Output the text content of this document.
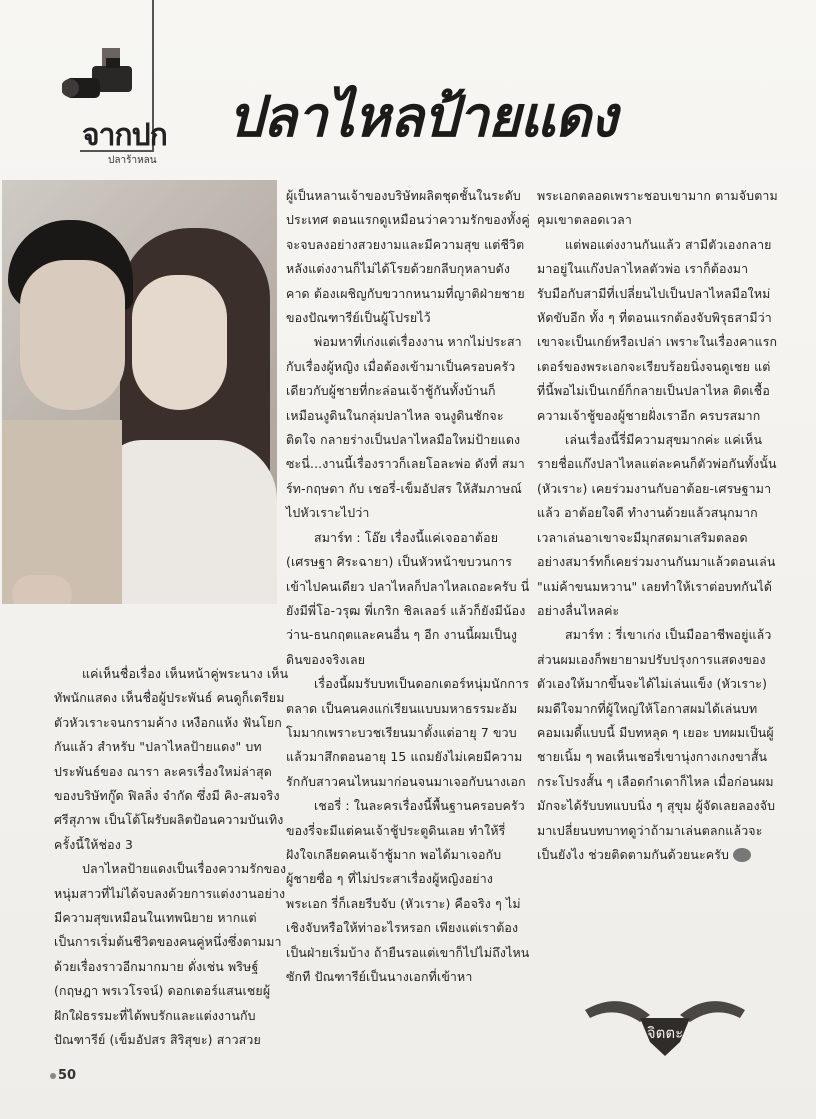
จากปก
ปลาร้าหลน
ปลาไหลป้ายแดง

แค่เห็นชื่อเรื่อง เห็นหน้าคู่พระนาง เห็นทัพนักแสดง เห็นชื่อผู้ประพันธ์ คนดูก็เตรียมตัวหัวเราะจนกรามค้าง เหงือกแห้ง ฟันโยกกันแล้ว สำหรับ "ปลาไหลป้ายแดง" บทประพันธ์ของ ณารา ละครเรื่องใหม่ล่าสุดของบริษัทกู๊ด ฟิลลิ่ง จำกัด ซึ่งมี คิง-สมจริง ศรีสุภาพ เป็นโต้โผรับผลิตป้อนความบันเทิงครั้งนี้ให้ช่อง 3

ปลาไหลป้ายแดงเป็นเรื่องความรักของหนุ่มสาวที่ไม่ได้จบลงด้วยการแต่งงานอย่างมีความสุขเหมือนในเทพนิยาย หากแต่เป็นการเริ่มต้นชีวิตของคนคู่หนึ่งซึ่งตามมาด้วยเรื่องราวอีกมากมาย ดั่งเช่น พริษฐ์ (กฤษฎา พรเวโรจน์) ดอกเตอร์แสนเชยผู้ฝักใฝ่ธรรมะที่ได้พบรักและแต่งงานกับ ปัณฑารีย์ (เข็มอัปสร สิริสุขะ) สาวสวย

ผู้เป็นหลานเจ้าของบริษัทผลิตชุดชั้นในระดับประเทศ ตอนแรกดูเหมือนว่าความรักของทั้งคู่จะจบลงอย่างสวยงามและมีความสุข แต่ชีวิตหลังแต่งงานก็ไม่ได้โรยด้วยกลีบกุหลาบดังคาด ต้องเผชิญกับขวากหนามที่ญาติฝ่ายชายของปัณฑารีย์เป็นผู้โปรยไว้

พ่อมหาที่เก่งแต่เรื่องงาน หากไม่ประสากับเรื่องผู้หญิง เมื่อต้องเข้ามาเป็นครอบครัวเดียวกับผู้ชายที่กะล่อนเจ้าชู้กันทั้งบ้านก็เหมือนงูดินในกลุ่มปลาไหล จนงูดินชักจะติดใจ กลายร่างเป็นปลาไหลมือใหม่ป้ายแดงซะนี่...งานนี้เรื่องราวก็เลยโอละพ่อ ดังที่ สมาร์ท-กฤษดา กับ เชอรี่-เข็มอัปสร ให้สัมภาษณ์ไปหัวเราะไปว่า

สมาร์ท : โอ๊ย เรื่องนี้แค่เจออาต้อย (เศรษฐา ศิระฉายา) เป็นหัวหน้าขบวนการเข้าไปคนเดียว ปลาไหลก็ปลาไหลเถอะครับ นี่ยังมีพี่โอ-วรุฒ พี่เกริก ชิลเลอร์ แล้วก็ยังมีน้องว่าน-ธนกฤตและคนอื่น ๆ อีก งานนี้ผมเป็นงูดินของจริงเลย

เรื่องนี้ผมรับบทเป็นดอกเตอร์หนุ่มนักการตลาด เป็นคนคงแก่เรียนแบบมหาธรรมะอัมโมมากเพราะบวชเรียนมาตั้งแต่อายุ 7 ขวบแล้วมาสึกตอนอายุ 15 แถมยังไม่เคยมีความรักกับสาวคนไหนมาก่อนจนมาเจอกับนางเอก

เชอรี่ : ในละครเรื่องนี้พื้นฐานครอบครัวของรี่จะมีแต่คนเจ้าชู้ประตูดินเลย ทำให้รี่ฝังใจเกลียดคนเจ้าชู้มาก พอได้มาเจอกับผู้ชายซื่อ ๆ ที่ไม่ประสาเรื่องผู้หญิงอย่างพระเอก รี่ก็เลยรีบจับ (หัวเราะ) คือจริง ๆ ไม่เชิงจับหรือให้ท่าอะไรหรอก เพียงแต่เราต้องเป็นฝ่ายเริ่มบ้าง ถ้ายืนรอแต่เขาก็ไปไม่ถึงไหนซักที ปัณฑารีย์เป็นนางเอกที่เข้าหา

พระเอกตลอดเพราะชอบเขามาก ตามจับตามคุมเขาตลอดเวลา

แต่พอแต่งงานกันแล้ว สามีตัวเองกลายมาอยู่ในแก๊งปลาไหลตัวพ่อ เราก็ต้องมารับมือกับสามีที่เปลี่ยนไปเป็นปลาไหลมือใหม่หัดขับอีก ทั้ง ๆ ที่ตอนแรกต้องจับพิรุธสามีว่าเขาจะเป็นเกย์หรือเปล่า เพราะในเรื่องคาแรกเตอร์ของพระเอกจะเรียบร้อยนิ่งจนดูเชย แต่ที่นี้พอไม่เป็นเกย์ก็กลายเป็นปลาไหล ติดเชื้อความเจ้าชู้ของผู้ชายฝั่งเราอีก ครบรสมาก

เล่นเรื่องนี้รี่มีความสุขมากค่ะ แค่เห็นรายชื่อแก๊งปลาไหลแต่ละคนก็ตัวพ่อกันทั้งนั้น (หัวเราะ) เคยร่วมงานกับอาต้อย-เศรษฐามาแล้ว อาต้อยใจดี ทำงานด้วยแล้วสนุกมาก เวลาเล่นอาเขาจะมีมุกสดมาเสริมตลอด อย่างสมาร์ทก็เคยร่วมงานกันมาแล้วตอนเล่น "แม่ค้าขนมหวาน" เลยทำให้เราต่อบทกันได้อย่างลื่นไหลค่ะ

สมาร์ท : รี่เขาเก่ง เป็นมืออาชีพอยู่แล้ว ส่วนผมเองก็พยายามปรับปรุงการแสดงของตัวเองให้มากขึ้นจะได้ไม่เล่นแข็ง (หัวเราะ) ผมดีใจมากที่ผู้ใหญ่ให้โอกาสผมได้เล่นบทคอมเมดี้แบบนี้ มีบทหลุด ๆ เยอะ บทผมเป็นผู้ชายเนิ้ม ๆ พอเห็นเชอรี่เขานุ่งกางเกงขาสั้น กระโปรงสั้น ๆ เลือดกำเดาก็ไหล เมื่อก่อนผมมักจะได้รับบทแบบนิ่ง ๆ สุขุม ผู้จัดเลยลองจับมาเปลี่ยนบทบาทดูว่าถ้ามาเล่นตลกแล้วจะเป็นยังไง ช่วยติดตามกันด้วยนะครับ

จิตตะ
50
